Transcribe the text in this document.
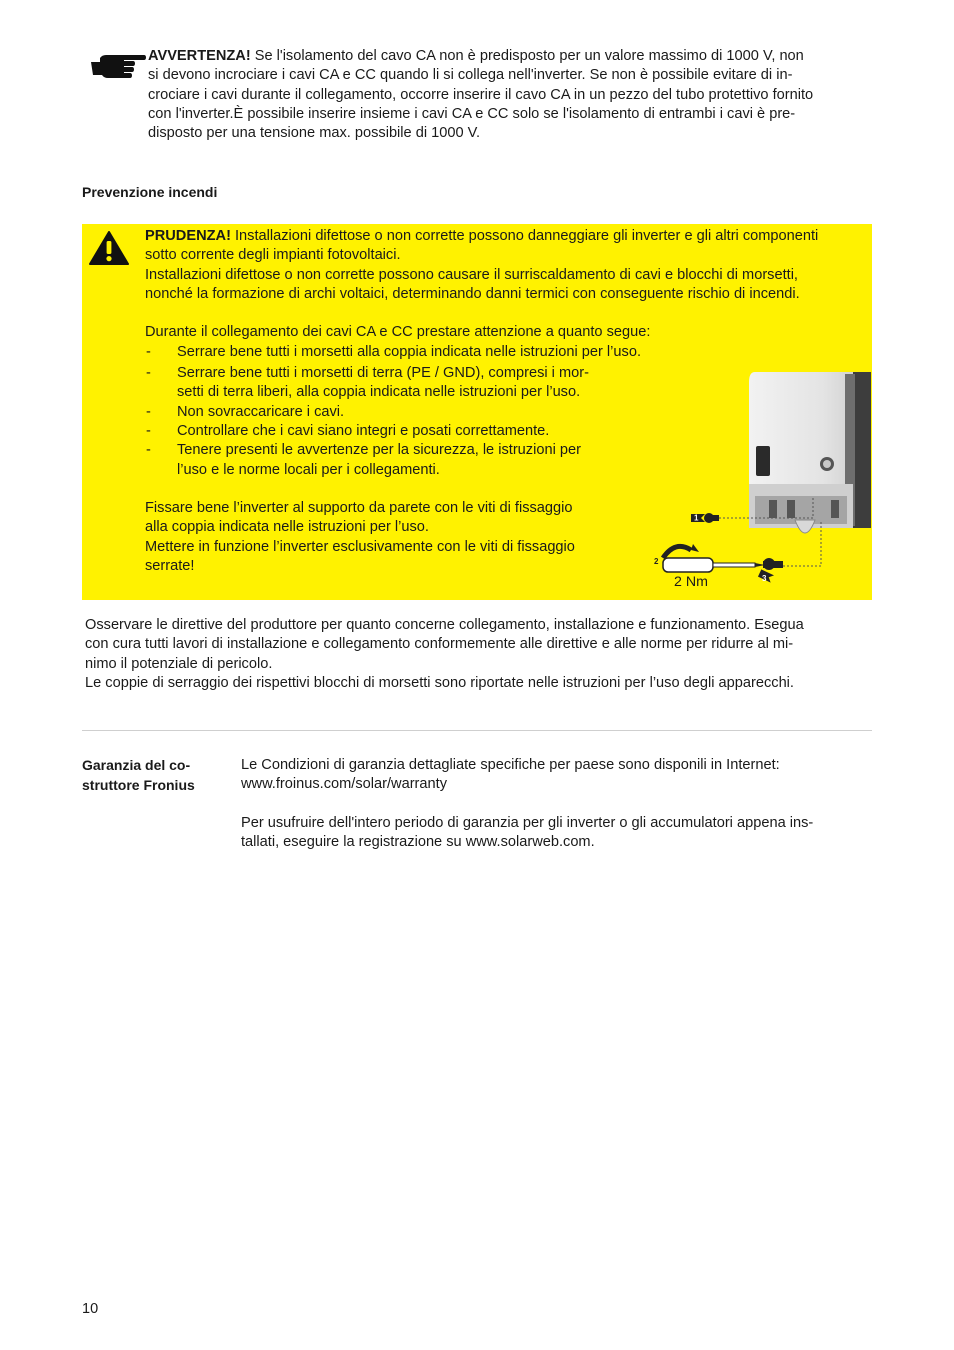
AVVERTENZA! Se l'isolamento del cavo CA non è predisposto per un valore massimo di 1000 V, non

si devono incrociare i cavi CA e CC quando li si collega nell'inverter. Se non è possibile evitare di in-

crociare i cavi durante il collegamento, occorre inserire il cavo CA in un pezzo del tubo protettivo fornito

con l'inverter.È possibile inserire insieme i cavi CA e CC solo se l'isolamento di entrambi i cavi è pre-

disposto per una tensione max. possibile di 1000 V.

Prevenzione incendi

PRUDENZA! Installazioni difettose o non corrette possono danneggiare gli inverter e gli altri componenti

sotto corrente degli impianti fotovoltaici.

Installazioni difettose o non corrette possono causare il surriscaldamento di cavi e blocchi di morsetti,

nonché la formazione di archi voltaici, determinando danni termici con conseguente rischio di incendi.

Durante il collegamento dei cavi CA e CC prestare attenzione a quanto segue:

- Serrare bene tutti i morsetti alla coppia indicata nelle istruzioni per l’uso.
- Serrare bene tutti i morsetti di terra (PE / GND), compresi i mor-
setti di terra liberi, alla coppia indicata nelle istruzioni per l’uso.
- Non sovraccaricare i cavi.
- Controllare che i cavi siano integri e posati correttamente.
- Tenere presenti le avvertenze per la sicurezza, le istruzioni per
l’uso e le norme locali per i collegamenti.

Fissare bene l’inverter al supporto da parete con le viti di fissaggio

alla coppia indicata nelle istruzioni per l’uso.

Mettere in funzione l’inverter esclusivamente con le viti di fissaggio

serrate!

1
2
3
2 Nm

Osservare le direttive del produttore per quanto concerne collegamento, installazione e funzionamento. Esegua

con cura tutti lavori di installazione e collegamento conformemente alle direttive e alle norme per ridurre al mi-

nimo il potenziale di pericolo.

Le coppie di serraggio dei rispettivi blocchi di morsetti sono riportate nelle istruzioni per l’uso degli apparecchi.

Garanzia del co-
struttore Fronius

Le Condizioni di garanzia dettagliate specifiche per paese sono disponili in Internet:

www.froinus.com/solar/warranty

Per usufruire dell'intero periodo di garanzia per gli inverter o gli accumulatori appena ins-

tallati, eseguire la registrazione su www.solarweb.com.

10
